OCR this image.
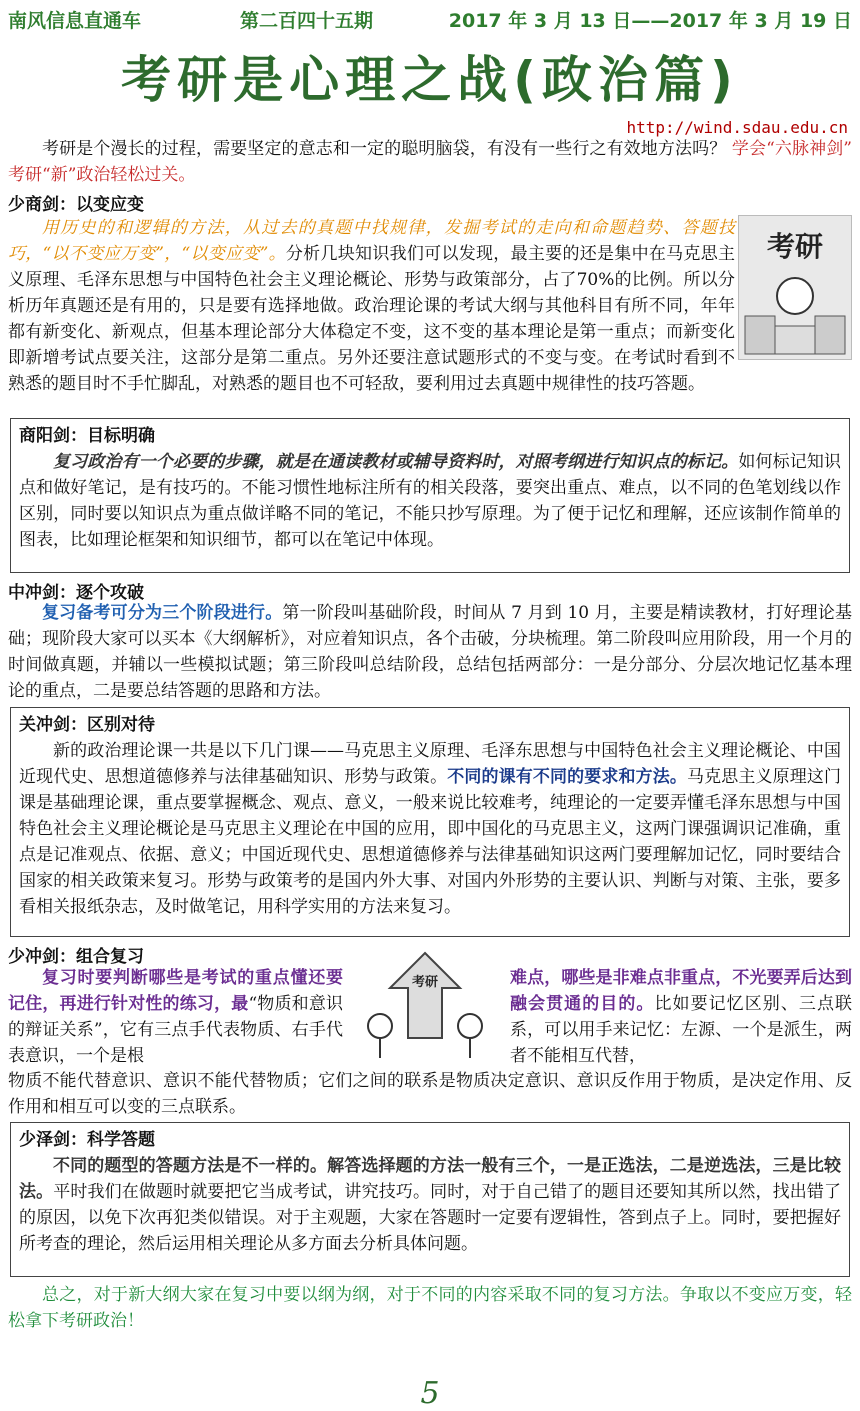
南风信息直通车	第二百四十五期	2017 年 3 月 13 日——2017 年 3 月 19 日
考研是心理之战(政治篇)
http://wind.sdau.edu.cn

考研是个漫长的过程，需要坚定的意志和一定的聪明脑袋，有没有一些行之有效地方法吗？ 学会“六脉神剑” 考研“新”政治轻松过关。

少商剑：以变应变
考研

用历史的和逻辑的方法，从过去的真题中找规律，发掘考试的走向和命题趋势、答题技巧，“以不变应万变”，“以变应变”。分析几块知识我们可以发现，最主要的还是集中在马克思主义原理、毛泽东思想与中国特色社会主义理论概论、形势与政策部分，占了70%的比例。所以分析历年真题还是有用的，只是要有选择地做。政治理论课的考试大纲与其他科目有所不同，年年都有新变化、新观点，但基本理论部分大体稳定不变，这不变的基本理论是第一重点；而新变化即新增考试点要关注，这部分是第二重点。另外还要注意试题形式的不变与变。在考试时看到不熟悉的题目时不手忙脚乱，对熟悉的题目也不可轻敌，要利用过去真题中规律性的技巧答题。

商阳剑：目标明确

复习政治有一个必要的步骤，就是在通读教材或辅导资料时，对照考纲进行知识点的标记。如何标记知识点和做好笔记，是有技巧的。不能习惯性地标注所有的相关段落，要突出重点、难点，以不同的色笔划线以作区别，同时要以知识点为重点做详略不同的笔记，不能只抄写原理。为了便于记忆和理解，还应该制作简单的图表，比如理论框架和知识细节，都可以在笔记中体现。

中冲剑：逐个攻破

复习备考可分为三个阶段进行。第一阶段叫基础阶段，时间从 7 月到 10 月，主要是精读教材，打好理论基础；现阶段大家可以买本《大纲解析》，对应着知识点，各个击破，分块梳理。第二阶段叫应用阶段，用一个月的时间做真题，并辅以一些模拟试题；第三阶段叫总结阶段，总结包括两部分：一是分部分、分层次地记忆基本理论的重点，二是要总结答题的思路和方法。

关冲剑：区别对待

新的政治理论课一共是以下几门课——马克思主义原理、毛泽东思想与中国特色社会主义理论概论、中国近现代史、思想道德修养与法律基础知识、形势与政策。不同的课有不同的要求和方法。马克思主义原理这门课是基础理论课，重点要掌握概念、观点、意义，一般来说比较难考，纯理论的一定要弄懂毛泽东思想与中国特色社会主义理论概论是马克思主义理论在中国的应用，即中国化的马克思主义，这两门课强调识记准确，重点是记准观点、依据、意义；中国近现代史、思想道德修养与法律基础知识这两门要理解加记忆，同时要结合国家的相关政策来复习。形势与政策考的是国内外大事、对国内外形势的主要认识、判断与对策、主张，要多看相关报纸杂志，及时做笔记，用科学实用的方法来复习。

少冲剑：组合复习

复习时要判断哪些是考试的重点懂还要记住，再进行针对性的练习，最“物质和意识的辩证关系”，它有三点手代表物质、右手代表意识，一个是根

考研	难点，哪些是非难点非重点，不光要弄后达到融会贯通的目的。比如要记忆区别、三点联系，可以用手来记忆：左源、一个是派生，两者不能相互代替，

物质不能代替意识、意识不能代替物质；它们之间的联系是物质决定意识、意识反作用于物质，是决定作用、反作用和相互可以变的三点联系。

少泽剑：科学答题

不同的题型的答题方法是不一样的。解答选择题的方法一般有三个，一是正选法，二是逆选法，三是比较法。平时我们在做题时就要把它当成考试，讲究技巧。同时，对于自己错了的题目还要知其所以然，找出错了的原因，以免下次再犯类似错误。对于主观题，大家在答题时一定要有逻辑性，答到点子上。同时，要把握好所考查的理论，然后运用相关理论从多方面去分析具体问题。

总之，对于新大纲大家在复习中要以纲为纲，对于不同的内容采取不同的复习方法。争取以不变应万变，轻松拿下考研政治！

5
